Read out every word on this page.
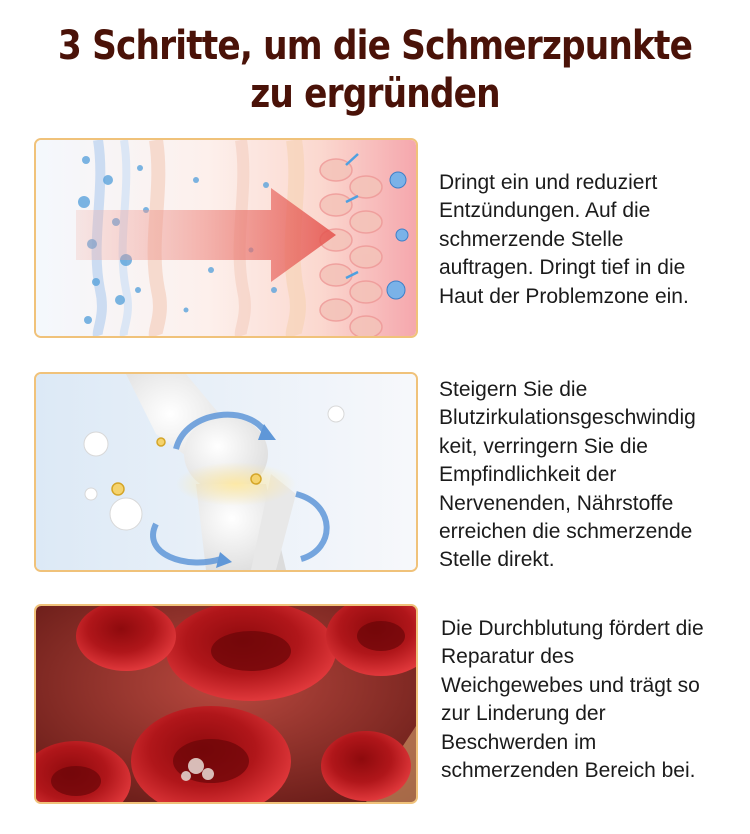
3 Schritte, um die Schmerzpunkte
zu ergründen
Dringt ein und reduziert
Entzündungen. Auf die
schmerzende Stelle
auftragen. Dringt tief in die
Haut der Problemzone ein.
Steigern Sie die
Blutzirkulationsgeschwindig
keit, verringern Sie die
Empfindlichkeit der
Nervenenden, Nährstoffe
erreichen die schmerzende
Stelle direkt.
Die Durchblutung fördert die
Reparatur des
Weichgewebes und trägt so
zur Linderung der
Beschwerden im
schmerzenden Bereich bei.
